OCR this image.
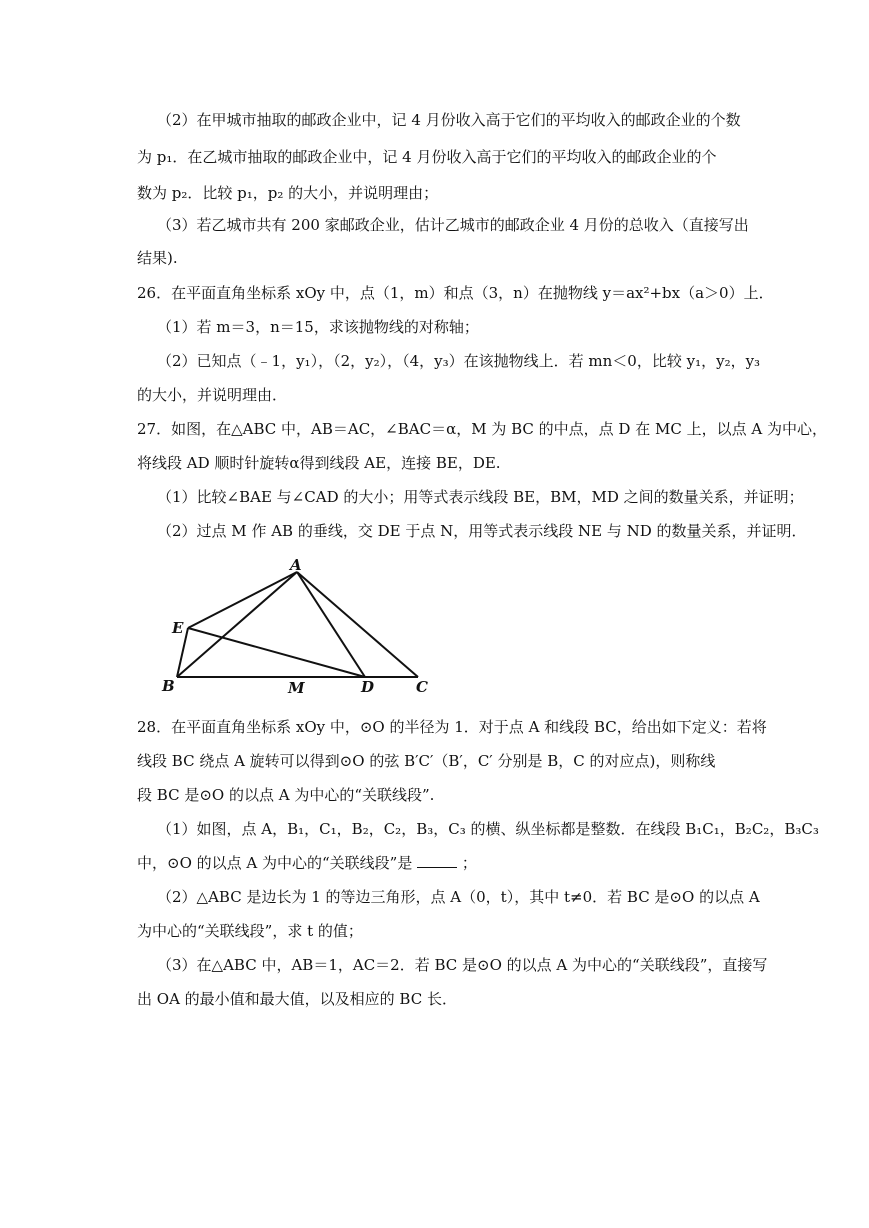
（2）在甲城市抽取的邮政企业中，记 4 月份收入高于它们的平均收入的邮政企业的个数
为 p₁．在乙城市抽取的邮政企业中，记 4 月份收入高于它们的平均收入的邮政企业的个
数为 p₂．比较 p₁，p₂ 的大小，并说明理由；
（3）若乙城市共有 200 家邮政企业，估计乙城市的邮政企业 4 月份的总收入（直接写出
结果).
26．在平面直角坐标系 xOy 中，点（1，m）和点（3，n）在抛物线 y＝ax²+bx（a＞0）上．
（1）若 m＝3，n＝15，求该抛物线的对称轴；
（2）已知点（﹣1，y₁），（2，y₂），（4，y₃）在该抛物线上．若 mn＜0，比较 y₁，y₂，y₃
的大小，并说明理由．
27．如图，在△ABC 中，AB＝AC，∠BAC＝α，M 为 BC 的中点，点 D 在 MC 上，以点 A 为中心，
将线段 AD 顺时针旋转α得到线段 AE，连接 BE，DE.
（1）比较∠BAE 与∠CAD 的大小；用等式表示线段 BE，BM，MD 之间的数量关系，并证明；
（2）过点 M 作 AB 的垂线，交 DE 于点 N，用等式表示线段 NE 与 ND 的数量关系，并证明．
A
E
B	M	D	C
28．在平面直角坐标系 xOy 中，⊙O 的半径为 1．对于点 A 和线段 BC，给出如下定义：若将
线段 BC 绕点 A 旋转可以得到⊙O 的弦 B′C′（B′，C′ 分别是 B，C 的对应点)，则称线
段 BC 是⊙O 的以点 A 为中心的“关联线段”.
（1）如图，点 A，B₁，C₁，B₂，C₂，B₃，C₃ 的横、纵坐标都是整数．在线段 B₁C₁，B₂C₂，B₃C₃
中，⊙O 的以点 A 为中心的“关联线段”是	；
（2）△ABC 是边长为 1 的等边三角形，点 A（0，t），其中 t≠0．若 BC 是⊙O 的以点 A
为中心的“关联线段”，求 t 的值；
（3）在△ABC 中，AB＝1，AC＝2．若 BC 是⊙O 的以点 A 为中心的“关联线段”，直接写
出 OA 的最小值和最大值，以及相应的 BC 长．
